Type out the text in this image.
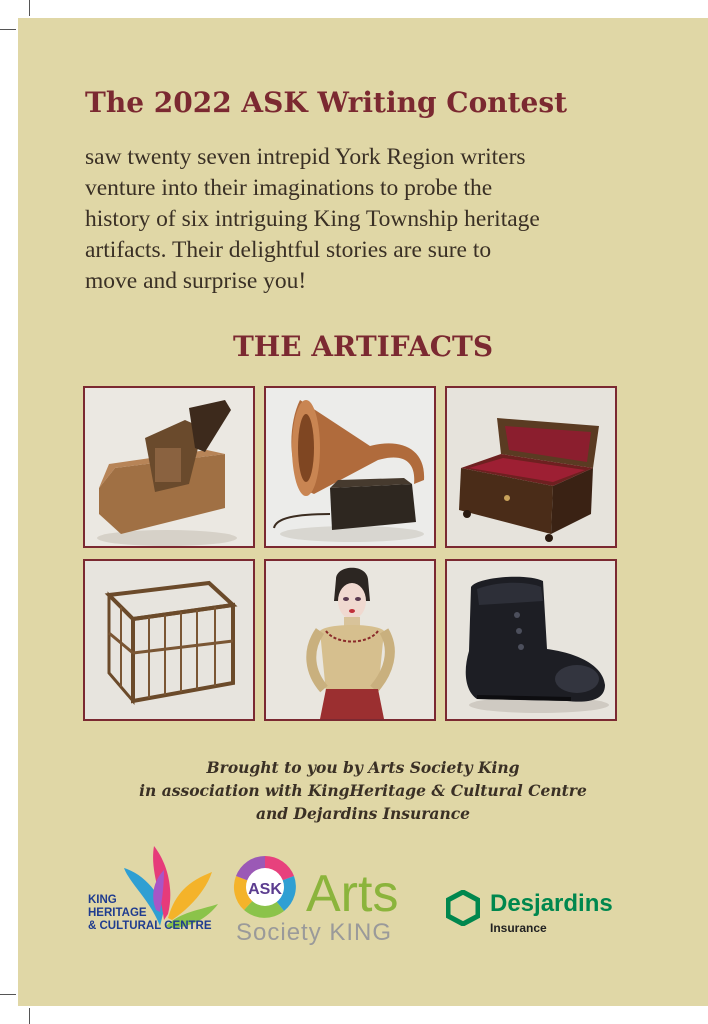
The 2022 ASK Writing Contest

saw twenty seven intrepid York Region writers
venture into their imaginations to probe the
history of six intriguing King Township heritage
artifacts. Their delightful stories are sure to
move and surprise you!

THE ARTIFACTS
Brought to you by Arts Society King
in association with KingHeritage & Cultural Centre
and Dejardins Insurance
KING
HERITAGE
& CULTURAL CENTRE
ASK Arts
Society KING
Desjardins
Insurance
